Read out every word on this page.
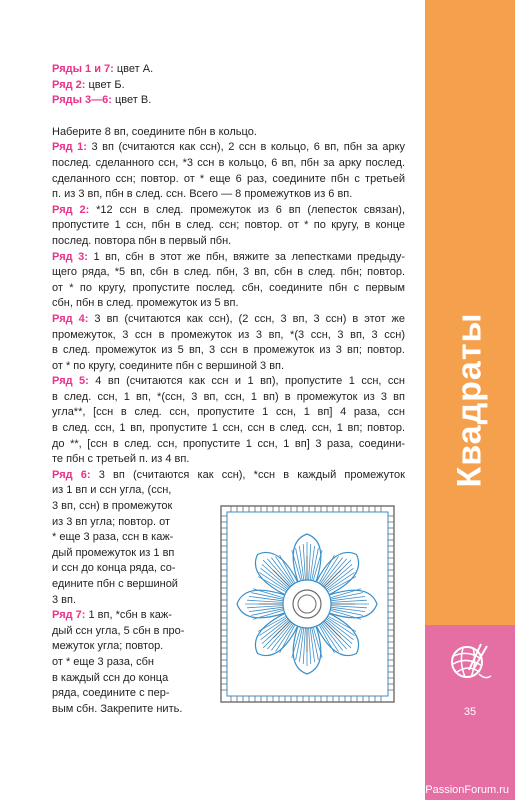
Ряды 1 и 7: цвет А.
Ряд 2: цвет Б.
Ряды 3—6: цвет В.
Наберите 8 вп, соедините пбн в кольцо.
Ряд 1: 3 вп (считаются как ссн), 2 ссн в кольцо, 6 вп, пбн за арку
послед. сделанного ссн, *3 ссн в кольцо, 6 вп, пбн за арку послед.
сделанного ссн; повтор. от * еще 6 раз, соедините пбн с третьей
п. из 3 вп, пбн в след. ссн. Всего — 8 промежутков из 6 вп.
Ряд 2: *12 ссн в след. промежуток из 6 вп (лепесток связан),
пропустите 1 ссн, пбн в след. ссн; повтор. от * по кругу, в конце
послед. повтора пбн в первый пбн.
Ряд 3: 1 вп, сбн в этот же пбн, вяжите за лепестками предыду-
щего ряда, *5 вп, сбн в след. пбн, 3 вп, сбн в след. пбн; повтор.
от * по кругу, пропустите послед. сбн, соедините пбн с первым
сбн, пбн в след. промежуток из 5 вп.
Ряд 4: 3 вп (считаются как ссн), (2 ссн, 3 вп, 3 ссн) в этот же
промежуток, 3 ссн в промежуток из 3 вп, *(3 ссн, 3 вп, 3 ссн)
в след. промежуток из 5 вп, 3 ссн в промежуток из 3 вп; повтор.
от * по кругу, соедините пбн с вершиной 3 вп.
Ряд 5: 4 вп (считаются как ссн и 1 вп), пропустите 1 ссн, ссн
в след. ссн, 1 вп, *(ссн, 3 вп, ссн, 1 вп) в промежуток из 3 вп
угла**, [ссн в след. ссн, пропустите 1 ссн, 1 вп] 4 раза, ссн
в след. ссн, 1 вп, пропустите 1 ссн, ссн в след. ссн, 1 вп; повтор.
до **, [ссн в след. ссн, пропустите 1 ссн, 1 вп] 3 раза, соедини-
те пбн с третьей п. из 4 вп.
Ряд 6: 3 вп (считаются как ссн), *ссн в каждый промежуток
из 1 вп и ссн угла, (ссн,
3 вп, ссн) в промежуток
из 3 вп угла; повтор. от
* еще 3 раза, ссн в каж-
дый промежуток из 1 вп
и ссн до конца ряда, со-
едините пбн с вершиной
3 вп.
Ряд 7: 1 вп, *сбн в каж-
дый ссн угла, 5 сбн в про-
межуток угла; повтор.
от * еще 3 раза, сбн
в каждый ссн до конца
ряда, соедините с пер-
вым сбн. Закрепите нить.
Квадраты
35
PassionForum.ru
